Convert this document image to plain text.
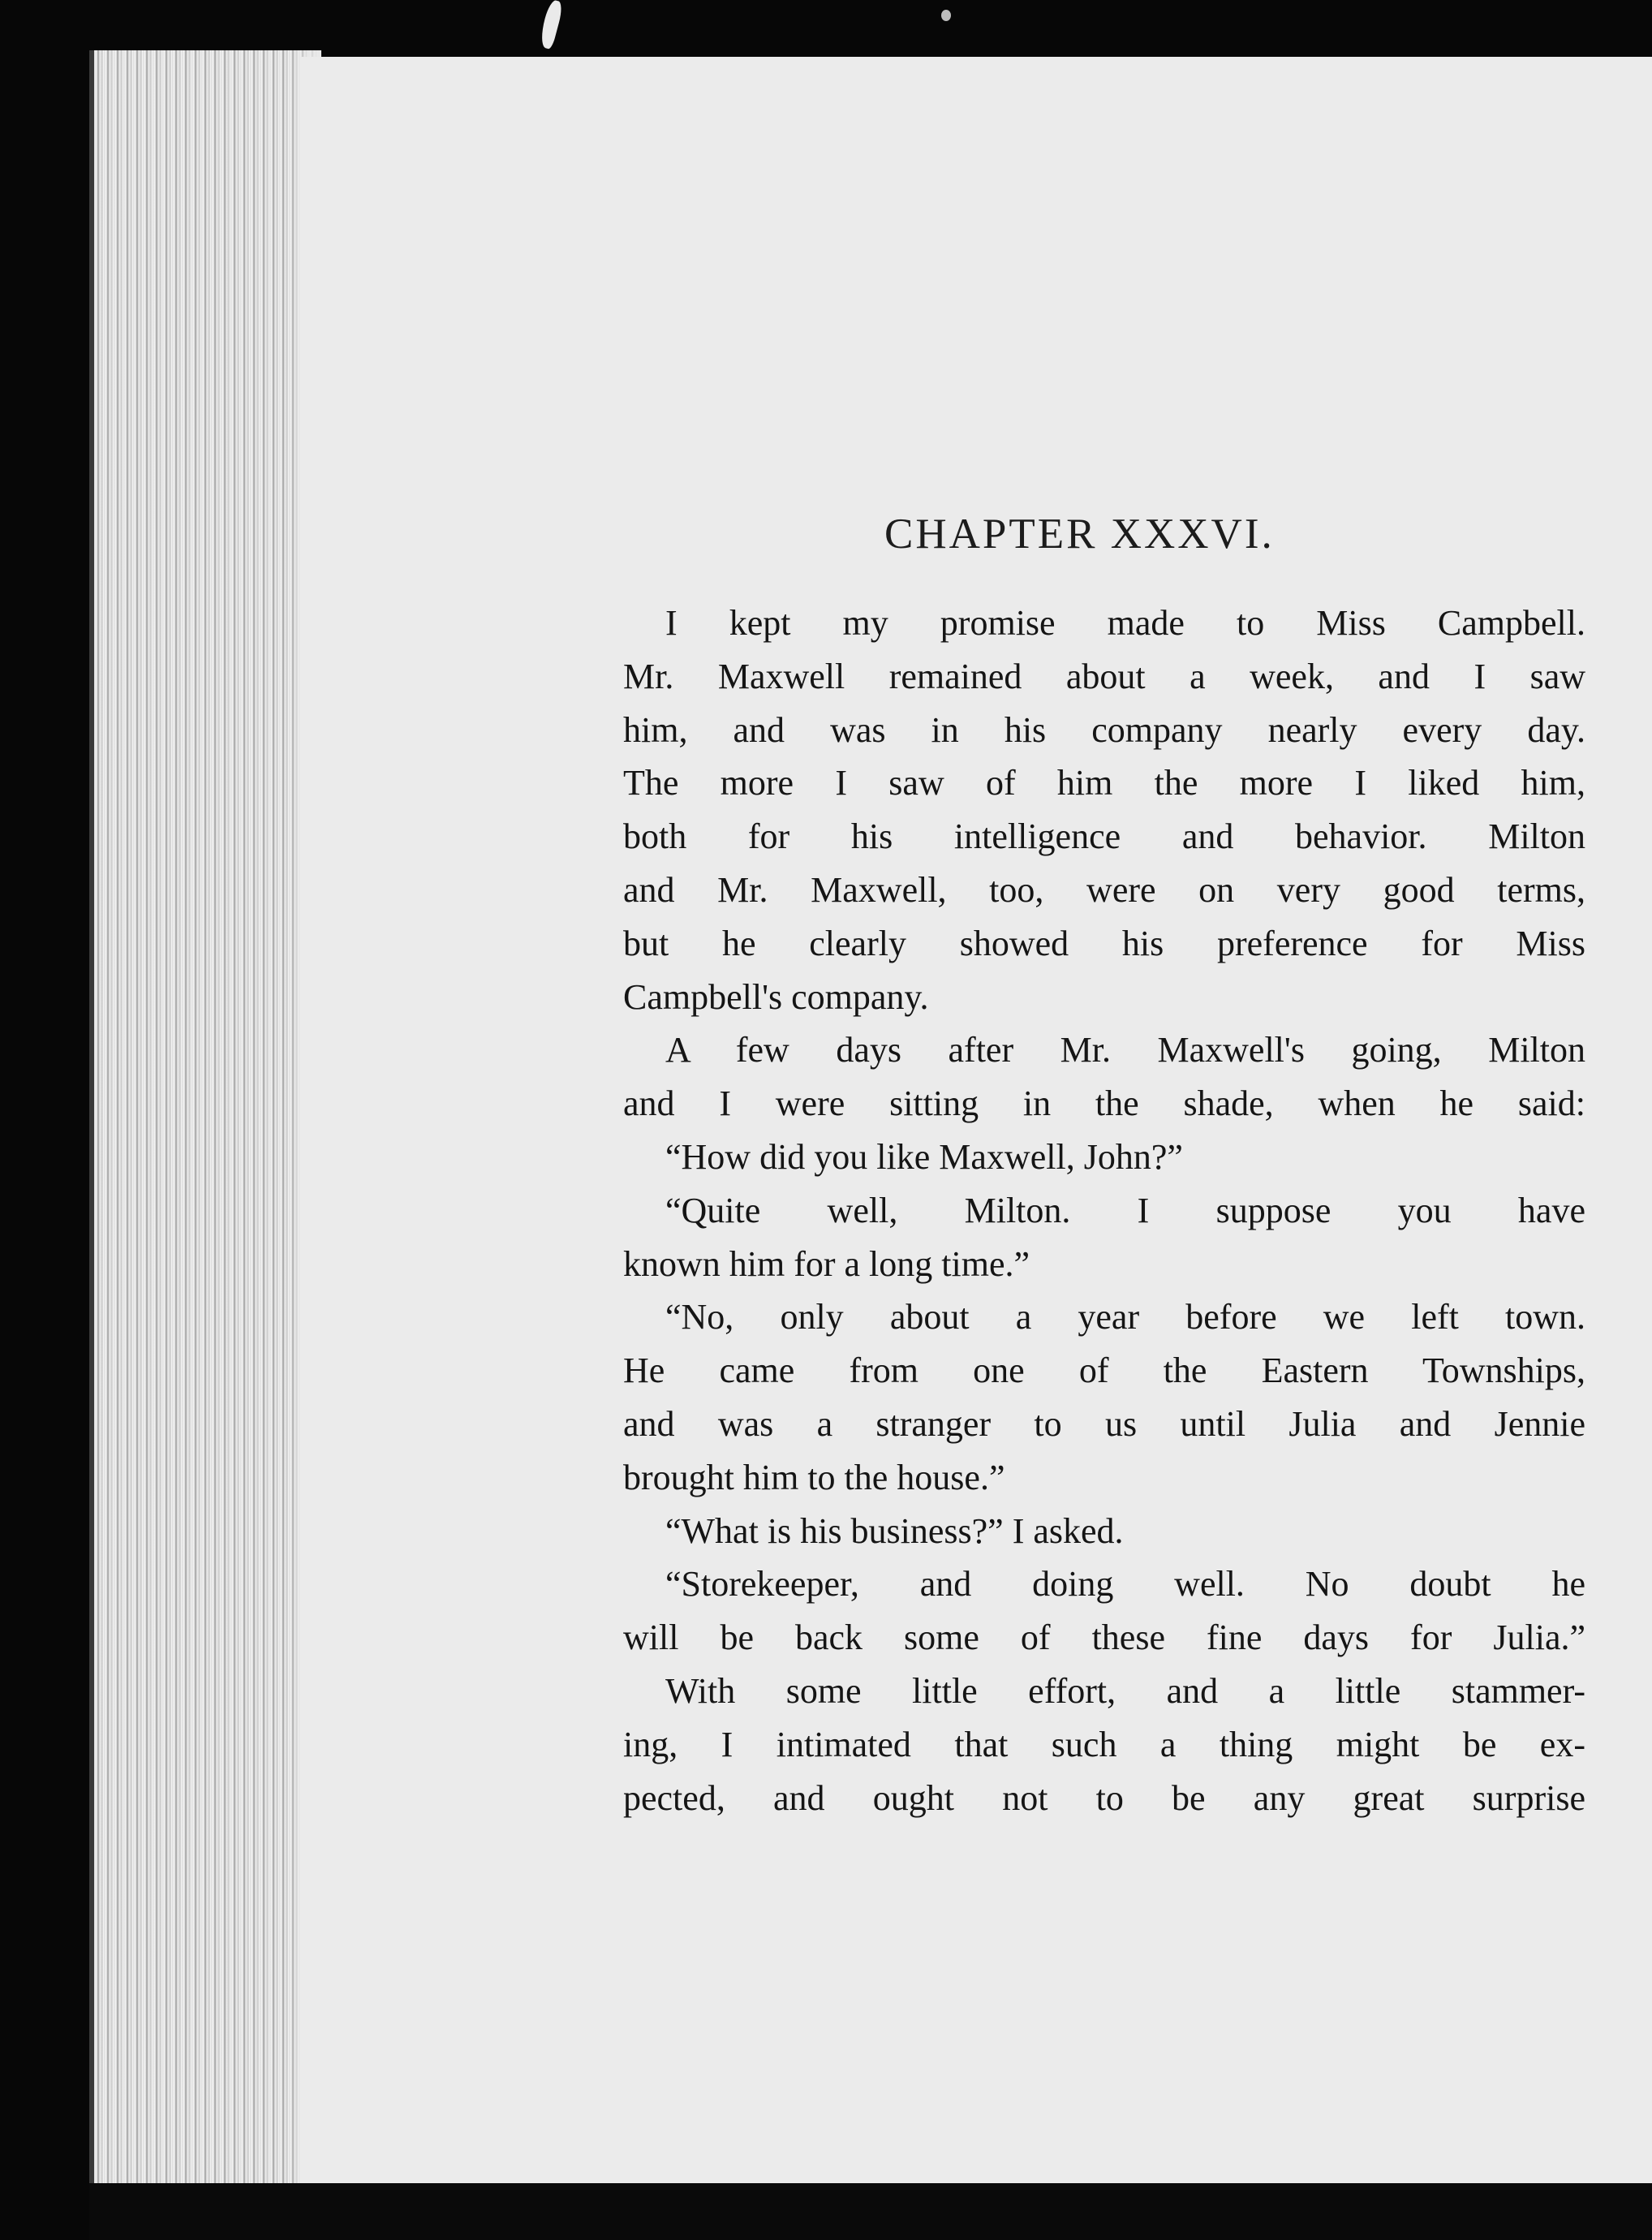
CHAPTER XXXVI.
I kept my promise made to Miss Campbell.
Mr. Maxwell remained about a week, and I saw
him, and was in his company nearly every day.
The more I saw of him the more I liked him,
both for his intelligence and behavior. Milton
and Mr. Maxwell, too, were on very good terms,
but he clearly showed his preference for Miss
Campbell's company.
A few days after Mr. Maxwell's going, Milton
and I were sitting in the shade, when he said:
“How did you like Maxwell, John?”
“Quite well, Milton. I suppose you have
known him for a long time.”
“No, only about a year before we left town.
He came from one of the Eastern Townships,
and was a stranger to us until Julia and Jennie
brought him to the house.”
“What is his business?” I asked.
“Storekeeper, and doing well. No doubt he
will be back some of these fine days for Julia.”
With some little effort, and a little stammer-
ing, I intimated that such a thing might be ex-
pected, and ought not to be any great surprise
